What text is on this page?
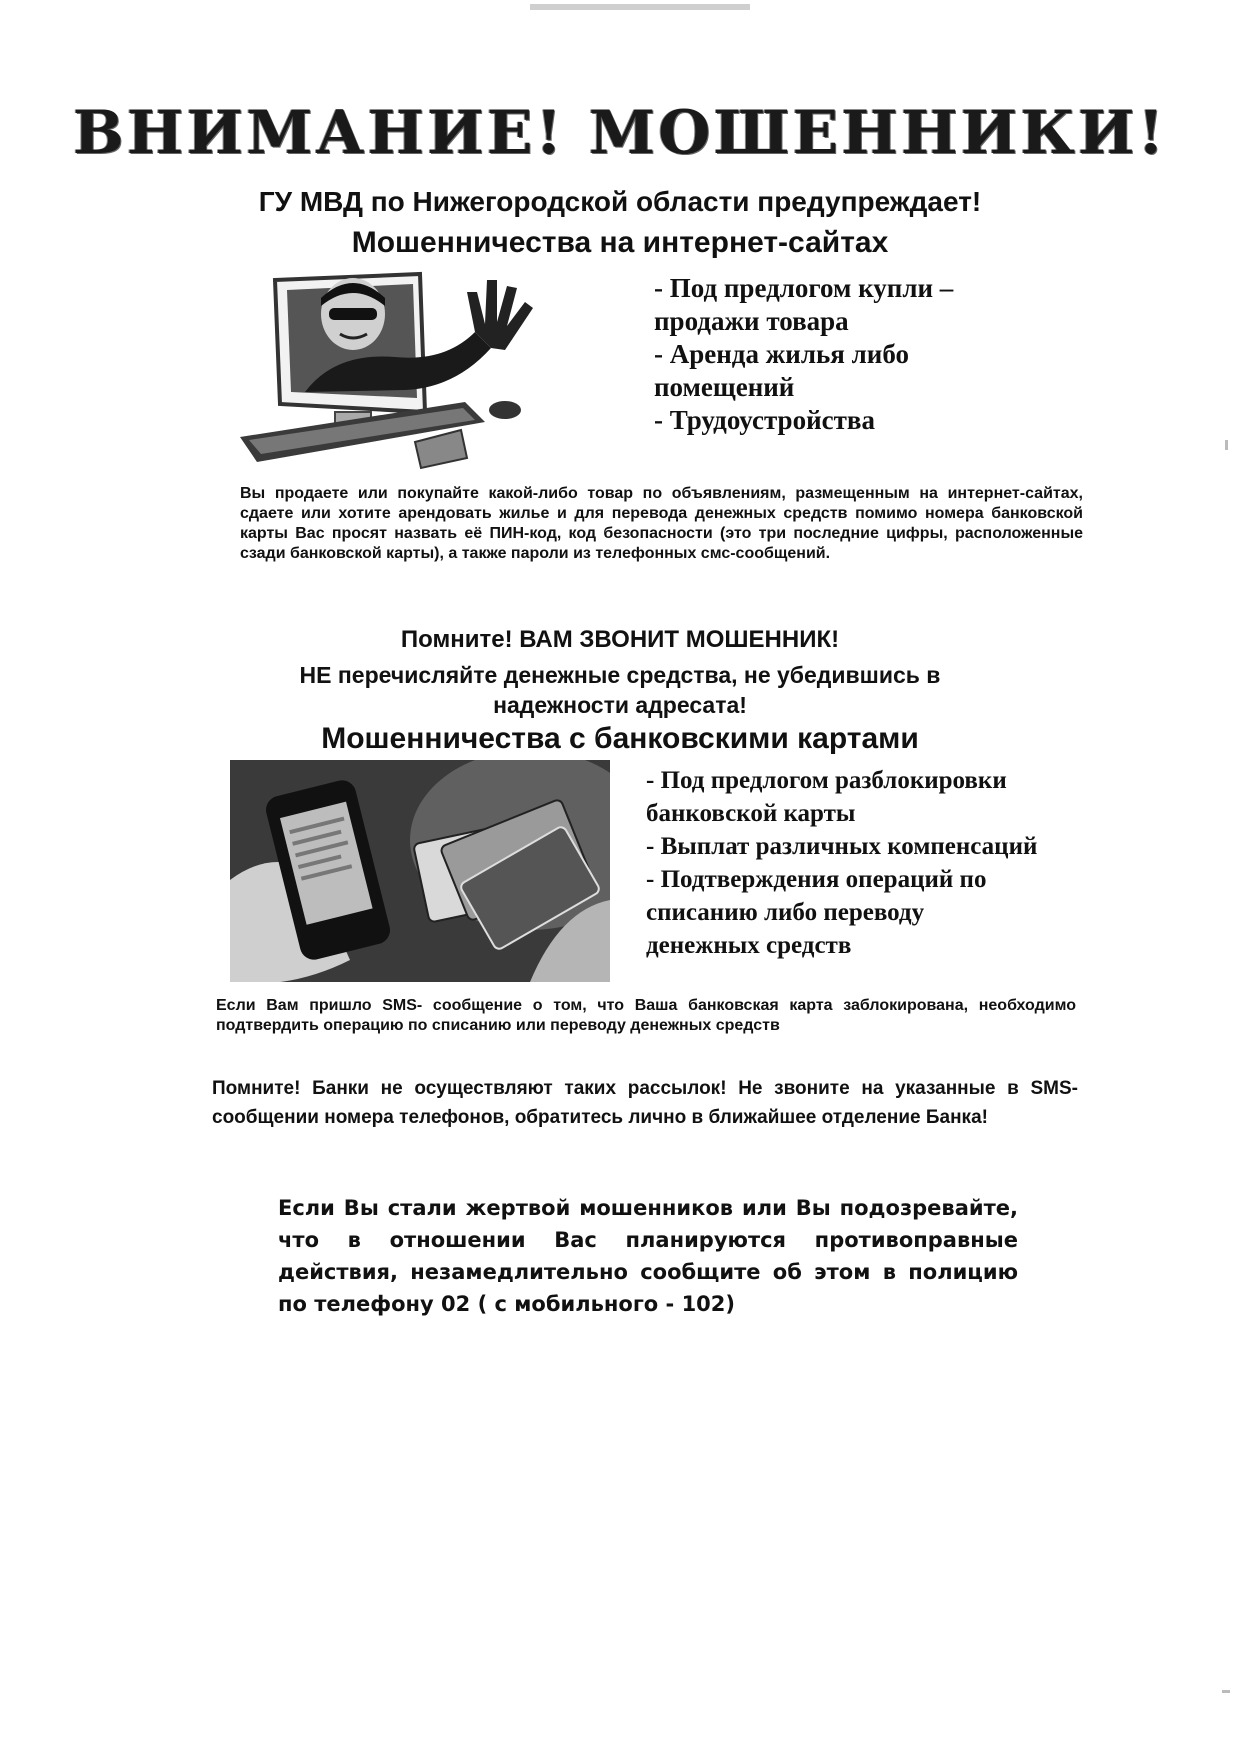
ВНИМАНИЕ! МОШЕННИКИ!
ГУ МВД по Нижегородской области предупреждает!
Мошенничества на интернет-сайтах
- Под предлогом купли –
продажи товара
- Аренда жилья либо
помещений
- Трудоустройства

Вы продаете или покупайте какой-либо товар по объявлениям, размещенным на интернет-сайтах, сдаете или хотите арендовать жилье и для перевода денежных средств помимо номера банковской карты Вас просят назвать её ПИН-код, код безопасности (это три последние цифры, расположенные сзади банковской карты), а также пароли из телефонных смс-сообщений.

Помните! ВАМ ЗВОНИТ МОШЕННИК!
НЕ перечисляйте денежные средства, не убедившись в
надежности адресата!
Мошенничества с банковскими картами
- Под предлогом разблокировки
банковской карты
- Выплат различных компенсаций
- Подтверждения операций по
списанию либо переводу
денежных средств

Если Вам пришло SMS- сообщение о том, что Ваша банковская карта заблокирована, необходимо подтвердить операцию по списанию или переводу денежных средств

Помните! Банки не осуществляют таких рассылок! Не звоните на указанные в SMS-сообщении номера телефонов, обратитесь лично в ближайшее отделение Банка!

Если Вы стали жертвой мошенников или Вы подозревайте, что в отношении Вас планируются противоправные действия, незамедлительно сообщите об этом в полицию по телефону 02 ( с мобильного - 102)
